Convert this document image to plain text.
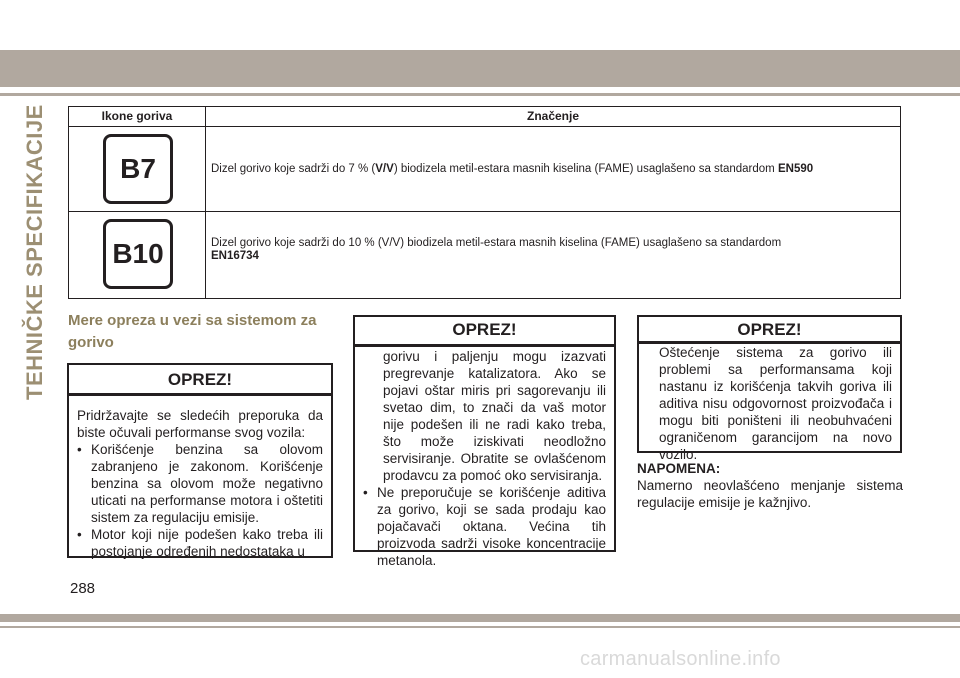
TEHNIČKE SPECIFIKACIJE	Ikone goriva	Značenje
B7	Dizel gorivo koje sadrži do 7 % (V/V) biodizela metil-estara masnih kiselina (FAME) usaglašeno sa standardom EN590
B10	Dizel gorivo koje sadrži do 10 % (V/V) biodizela metil-estara masnih kiselina (FAME) usaglašeno sa standardom
EN16734
Mere opreza u vezi sa sistemom za gorivo
OPREZ!
Pridržavajte se sledećih preporuka da biste očuvali performanse svog vozila:
• Korišćenje benzina sa olovom zabranjeno je zakonom. Korišćenje benzina sa olovom može negativno uticati na performanse motora i oštetiti sistem za regulaciju emisije.
• Motor koji nije podešen kako treba ili postojanje određenih nedostataka u
OPREZ!
gorivu i paljenju mogu izazvati pregrevanje katalizatora. Ako se pojavi oštar miris pri sagorevanju ili svetao dim, to znači da vaš motor nije podešen ili ne radi kako treba, što može iziskivati neodložno servisiranje. Obratite se ovlašćenom prodavcu za pomoć oko servisiranja.
• Ne preporučuje se korišćenje aditiva za gorivo, koji se sada prodaju kao pojačavači oktana. Većina tih proizvoda sadrži visoke koncentracije metanola.
OPREZ!
Oštećenje sistema za gorivo ili problemi sa performansama koji nastanu iz korišćenja takvih goriva ili aditiva nisu odgovornost proizvođača i mogu biti poništeni ili neobuhvaćeni ograničenom garancijom na novo vozilo.
NAPOMENA:
Namerno neovlašćeno menjanje sistema regulacije emisije je kažnjivo.
288
carmanualsonline.info
